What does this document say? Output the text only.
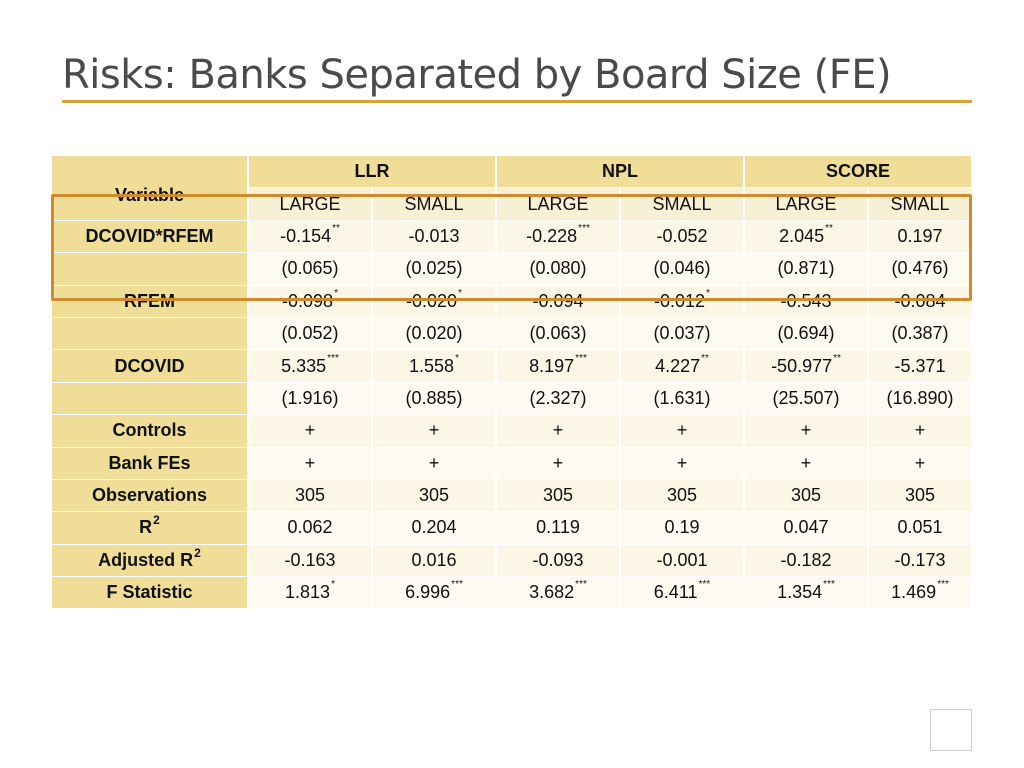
Risks: Banks Separated by Board Size (FE)
Variable	LLR		NPL		SCORE	
	LARGE	SMALL	LARGE	SMALL	LARGE	SMALL
DCOVID*RFEM	-0.154**	-0.013	-0.228***	-0.052	2.045**	0.197
	(0.065)	(0.025)	(0.080)	(0.046)	(0.871)	(0.476)
RFEM	-0.098*	-0.020*	-0.094	-0.012*	-0.543	-0.084
	(0.052)	(0.020)	(0.063)	(0.037)	(0.694)	(0.387)
DCOVID	5.335***	1.558*	8.197***	4.227**	-50.977**	-5.371
	(1.916)	(0.885)	(2.327)	(1.631)	(25.507)	(16.890)
Controls	+	+	+	+	+	+
Bank FEs	+	+	+	+	+	+
Observations	305	305	305	305	305	305
$R^2$	0.062	0.204	0.119	0.19	0.047	0.051
Adjusted $R^2$	-0.163	0.016	-0.093	-0.001	-0.182	-0.173
F Statistic	1.813*	6.996***	3.682***	6.411***	1.354***	1.469***
